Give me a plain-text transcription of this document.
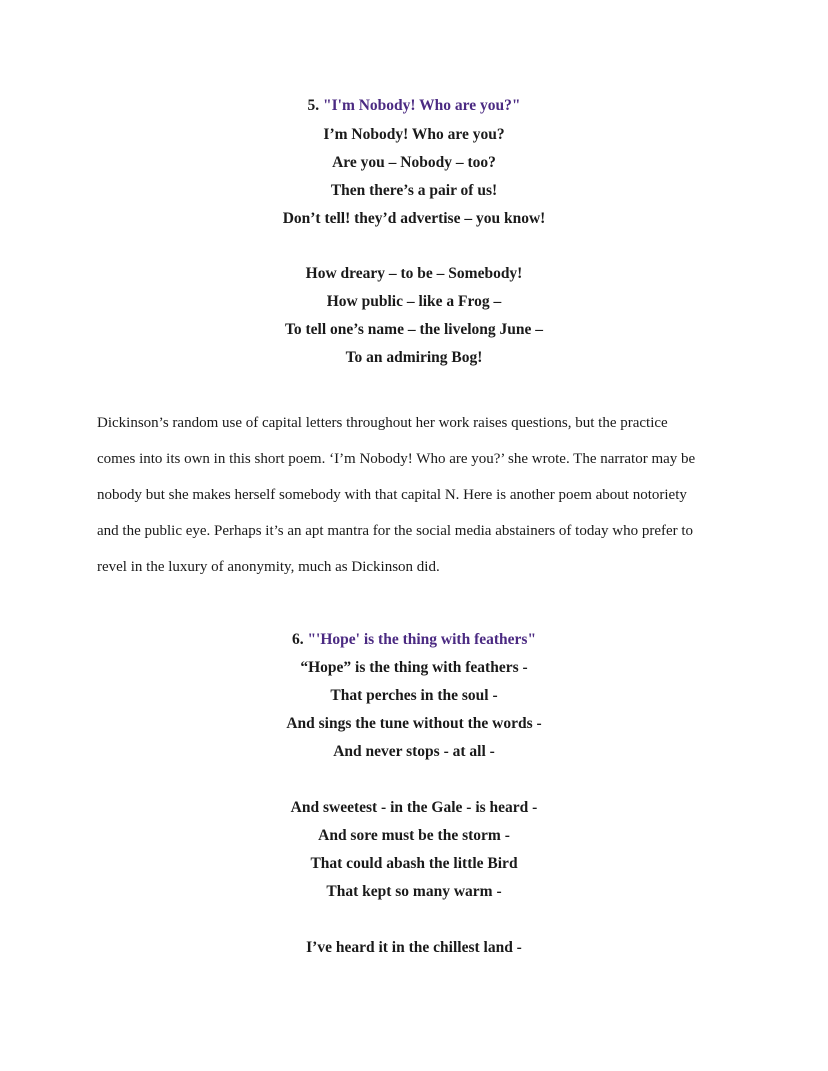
5. "I'm Nobody! Who are you?"

I’m Nobody! Who are you?

Are you – Nobody – too?

Then there’s a pair of us!

Don’t tell! they’d advertise – you know!

How dreary – to be – Somebody!

How public – like a Frog –

To tell one’s name – the livelong June –

To an admiring Bog!

Dickinson’s random use of capital letters throughout her work raises questions, but the practice

comes into its own in this short poem. ‘I’m Nobody! Who are you?’ she wrote. The narrator may be

nobody but she makes herself somebody with that capital N. Here is another poem about notoriety

and the public eye. Perhaps it’s an apt mantra for the social media abstainers of today who prefer to

revel in the luxury of anonymity, much as Dickinson did.

6. "'Hope' is the thing with feathers"

“Hope” is the thing with feathers -

That perches in the soul -

And sings the tune without the words -

And never stops - at all -

And sweetest - in the Gale - is heard -

And sore must be the storm -

That could abash the little Bird

That kept so many warm -

I’ve heard it in the chillest land -
